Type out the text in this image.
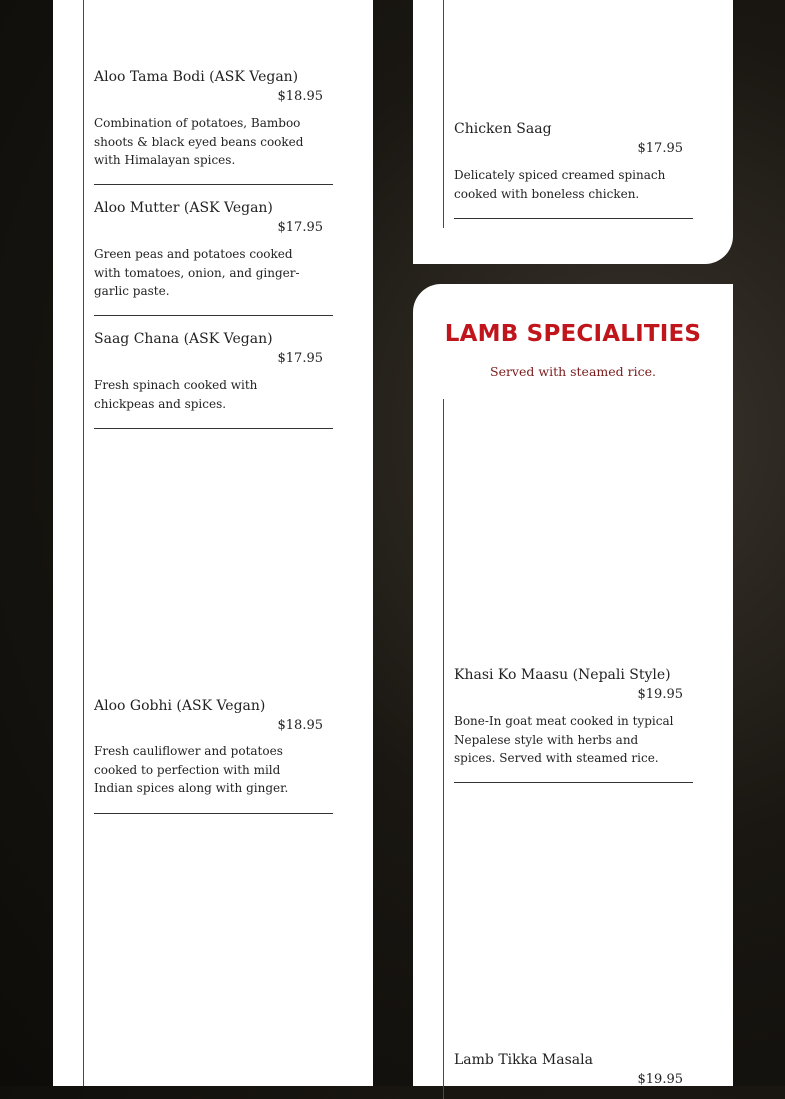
Aloo Tama Bodi (ASK Vegan)
$18.95
Combination of potatoes, Bamboo shoots & black eyed beans cooked with Himalayan spices.
Aloo Mutter (ASK Vegan)
$17.95
Green peas and potatoes cooked with tomatoes, onion, and ginger-garlic paste.
Saag Chana (ASK Vegan)
$17.95
Fresh spinach cooked with chickpeas and spices.
Aloo Gobhi (ASK Vegan)
$18.95
Fresh cauliflower and potatoes cooked to perfection with mild Indian spices along with ginger.
Chicken Saag
$17.95
Delicately spiced creamed spinach cooked with boneless chicken.
LAMB SPECIALITIES
Served with steamed rice.
Khasi Ko Maasu (Nepali Style)
$19.95
Bone-In goat meat cooked in typical Nepalese style with herbs and spices. Served with steamed rice.
Lamb Tikka Masala
$19.95
